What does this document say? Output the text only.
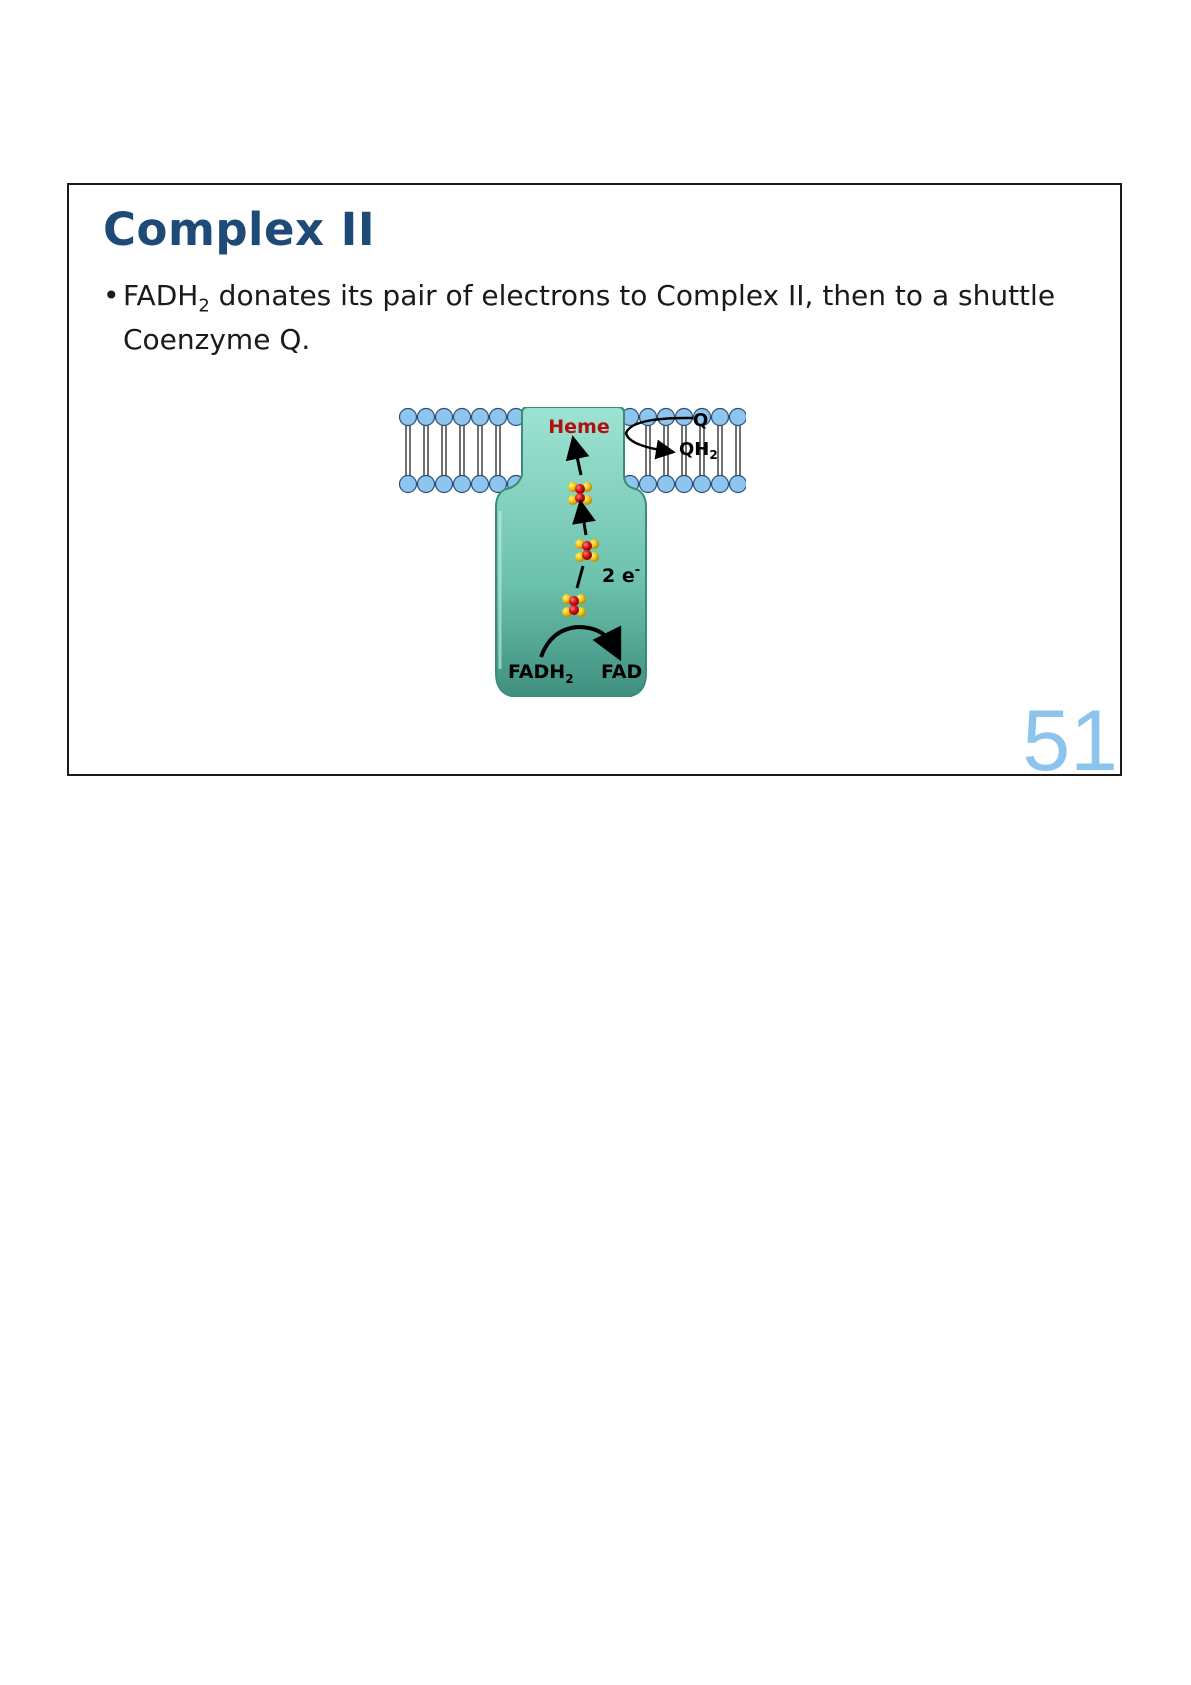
Complex II
• $FADH_2$ donates its pair of electrons to Complex II, then to a shuttle Coenzyme Q.
Heme	Q
$QH_2$
2 e-
$FADH_2$ FAD
51
